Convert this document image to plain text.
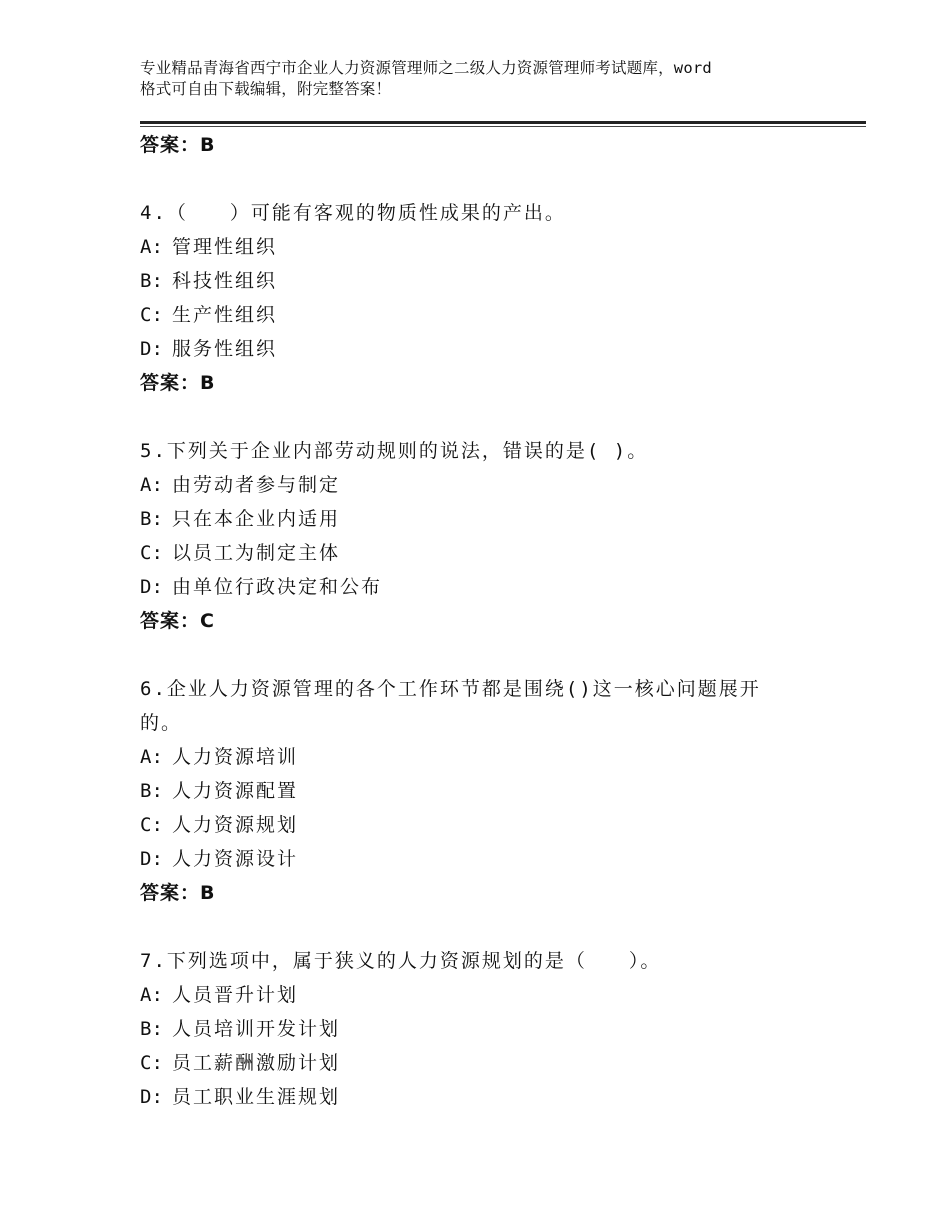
专业精品青海省西宁市企业人力资源管理师之二级人力资源管理师考试题库，word
格式可自由下载编辑，附完整答案！
答案：B
4.（　　）可能有客观的物质性成果的产出。
A: 管理性组织
B: 科技性组织
C: 生产性组织
D: 服务性组织
答案：B
5.下列关于企业内部劳动规则的说法，错误的是( )。
A: 由劳动者参与制定
B: 只在本企业内适用
C: 以员工为制定主体
D: 由单位行政决定和公布
答案：C
6.企业人力资源管理的各个工作环节都是围绕()这一核心问题展开的。
A: 人力资源培训
B: 人力资源配置
C: 人力资源规划
D: 人力资源设计
答案：B
7.下列选项中，属于狭义的人力资源规划的是（　　）。
A: 人员晋升计划
B: 人员培训开发计划
C: 员工薪酬激励计划
D: 员工职业生涯规划
